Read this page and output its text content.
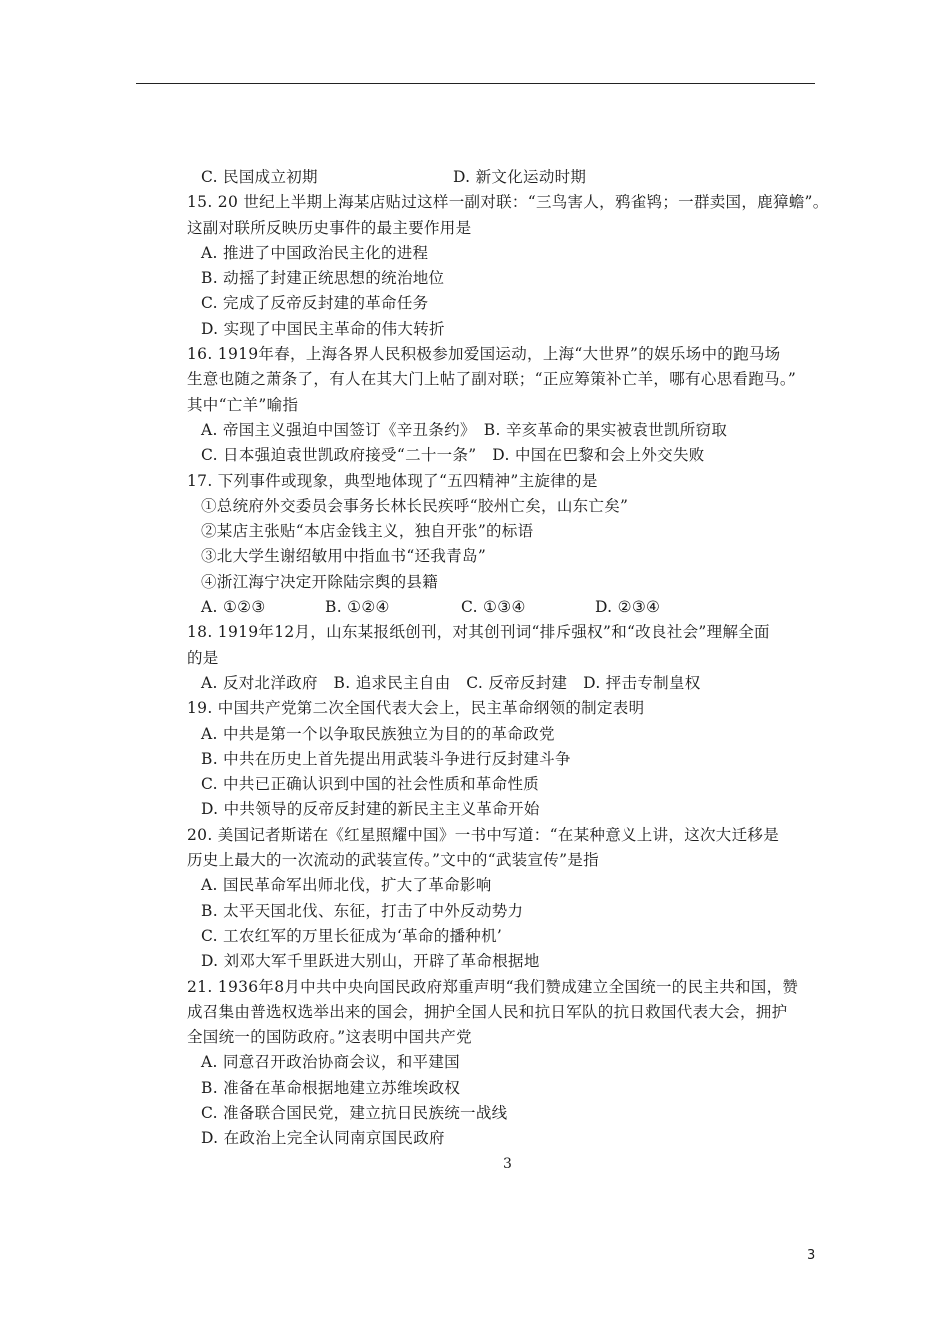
C. 民国成立初期	D. 新文化运动时期
15. 20 世纪上半期上海某店贴过这样一副对联：“三鸟害人，鸦雀鸨；一群卖国，鹿獐蟾”。
这副对联所反映历史事件的最主要作用是
A. 推进了中国政治民主化的进程
B. 动摇了封建正统思想的统治地位
C. 完成了反帝反封建的革命任务
D. 实现了中国民主革命的伟大转折
16. 1919年春，上海各界人民积极参加爱国运动，上海“大世界”的娱乐场中的跑马场
生意也随之萧条了，有人在其大门上帖了副对联；“正应筹策补亡羊，哪有心思看跑马。”
其中“亡羊”喻指
A. 帝国主义强迫中国签订《辛丑条约》　B. 辛亥革命的果实被袁世凯所窃取
C. 日本强迫袁世凯政府接受“二十一条”　D. 中国在巴黎和会上外交失败
17. 下列事件或现象，典型地体现了“五四精神”主旋律的是
①总统府外交委员会事务长林长民疾呼“胶州亡矣，山东亡矣”
②某店主张贴“本店金钱主义，独自开张”的标语
③北大学生谢绍敏用中指血书“还我青岛”
④浙江海宁决定开除陆宗舆的县籍
A. ①②③	B. ①②④	C. ①③④	D. ②③④
18. 1919年12月，山东某报纸创刊，对其创刊词“排斥强权”和“改良社会”理解全面
的是
A. 反对北洋政府　B. 追求民主自由　C. 反帝反封建　D. 抨击专制皇权
19. 中国共产党第二次全国代表大会上，民主革命纲领的制定表明
A. 中共是第一个以争取民族独立为目的的革命政党
B. 中共在历史上首先提出用武装斗争进行反封建斗争
C. 中共已正确认识到中国的社会性质和革命性质
D. 中共领导的反帝反封建的新民主主义革命开始
20. 美国记者斯诺在《红星照耀中国》一书中写道：“在某种意义上讲，这次大迁移是
历史上最大的一次流动的武装宣传。”文中的“武装宣传”是指
A. 国民革命军出师北伐，扩大了革命影响
B. 太平天国北伐、东征，打击了中外反动势力
C. 工农红军的万里长征成为‘革命的播种机’
D. 刘邓大军千里跃进大别山，开辟了革命根据地
21. 1936年8月中共中央向国民政府郑重声明“我们赞成建立全国统一的民主共和国，赞
成召集由普选权选举出来的国会，拥护全国人民和抗日军队的抗日救国代表大会，拥护
全国统一的国防政府。”这表明中国共产党
A. 同意召开政治协商会议，和平建国
B. 准备在革命根据地建立苏维埃政权
C. 准备联合国民党，建立抗日民族统一战线
D. 在政治上完全认同南京国民政府
3
3
